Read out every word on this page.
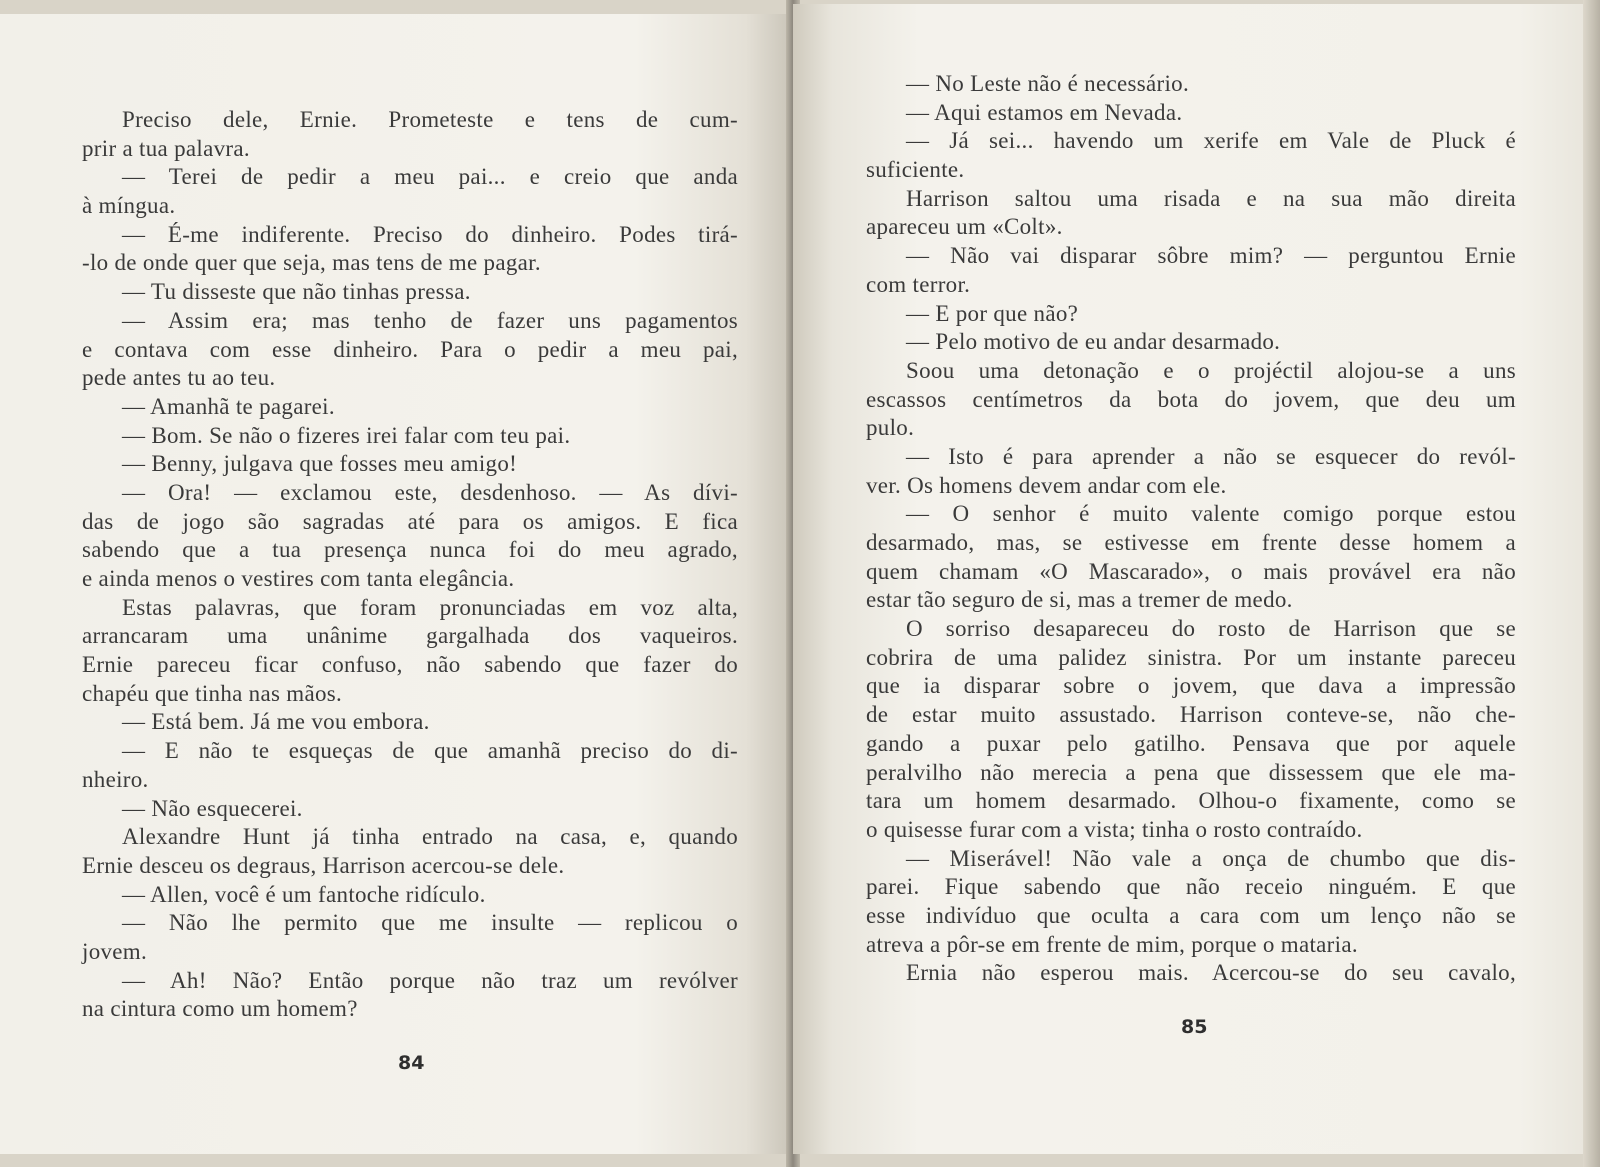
Preciso dele, Ernie. Prometeste e tens de cum-
prir a tua palavra.
— Terei de pedir a meu pai... e creio que anda
à míngua.
— É-me indiferente. Preciso do dinheiro. Podes tirá-
-lo de onde quer que seja, mas tens de me pagar.
— Tu disseste que não tinhas pressa.
— Assim era; mas tenho de fazer uns pagamentos
e contava com esse dinheiro. Para o pedir a meu pai,
pede antes tu ao teu.
— Amanhã te pagarei.
— Bom. Se não o fizeres irei falar com teu pai.
— Benny, julgava que fosses meu amigo!
— Ora! — exclamou este, desdenhoso. — As dívi-
das de jogo são sagradas até para os amigos. E fica
sabendo que a tua presença nunca foi do meu agrado,
e ainda menos o vestires com tanta elegância.
Estas palavras, que foram pronunciadas em voz alta,
arrancaram uma unânime gargalhada dos vaqueiros.
Ernie pareceu ficar confuso, não sabendo que fazer do
chapéu que tinha nas mãos.
— Está bem. Já me vou embora.
— E não te esqueças de que amanhã preciso do di-
nheiro.
— Não esquecerei.
Alexandre Hunt já tinha entrado na casa, e, quando
Ernie desceu os degraus, Harrison acercou-se dele.
— Allen, você é um fantoche ridículo.
— Não lhe permito que me insulte — replicou o
jovem.
— Ah! Não? Então porque não traz um revólver
na cintura como um homem?
84
— No Leste não é necessário.
— Aqui estamos em Nevada.
— Já sei... havendo um xerife em Vale de Pluck é
suficiente.
Harrison saltou uma risada e na sua mão direita
apareceu um «Colt».
— Não vai disparar sôbre mim? — perguntou Ernie
com terror.
— E por que não?
— Pelo motivo de eu andar desarmado.
Soou uma detonação e o projéctil alojou-se a uns
escassos centímetros da bota do jovem, que deu um
pulo.
— Isto é para aprender a não se esquecer do revól-
ver. Os homens devem andar com ele.
— O senhor é muito valente comigo porque estou
desarmado, mas, se estivesse em frente desse homem a
quem chamam «O Mascarado», o mais provável era não
estar tão seguro de si, mas a tremer de medo.
O sorriso desapareceu do rosto de Harrison que se
cobrira de uma palidez sinistra. Por um instante pareceu
que ia disparar sobre o jovem, que dava a impressão
de estar muito assustado. Harrison conteve-se, não che-
gando a puxar pelo gatilho. Pensava que por aquele
peralvilho não merecia a pena que dissessem que ele ma-
tara um homem desarmado. Olhou-o fixamente, como se
o quisesse furar com a vista; tinha o rosto contraído.
— Miserável! Não vale a onça de chumbo que dis-
parei. Fique sabendo que não receio ninguém. E que
esse indivíduo que oculta a cara com um lenço não se
atreva a pôr-se em frente de mim, porque o mataria.
Ernia não esperou mais. Acercou-se do seu cavalo,
85
